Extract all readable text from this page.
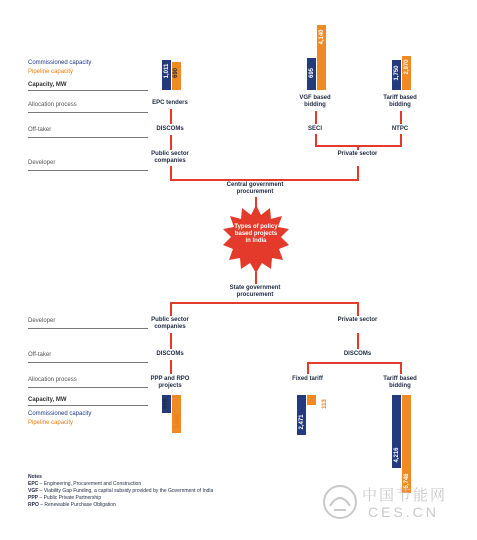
Commissioned capacity
Pipeline capacity
Capacity, MW
Allocation process
Off-taker
Developer
1,011 690
EPC tenders
DISCOMs
Public sector companies
695
4,140
1,750 2,970
VGF based bidding
Tariff based bidding
SECI	NTPC
Private sector
Central government procurement
Types of policy based projects in India
State government procurement
Developer
Off-taker
Allocation process
Capacity, MW
Commissioned capacity
Pipeline capacity
Public sector companies
DISCOMs
PPP and RPO projects
666
1,080
Private sector
DISCOMs
Fixed tariff	Tariff based bidding
2,471
113
4,216
5,748
Notes
EPC – Engineering, Procurement and Construction
VGF – Viability Gap Funding, a capital subsidy provided by the Government of India
PPP – Public Private Partnership
RPO – Renewable Purchase Obligation
中国节能网
CES.CN
